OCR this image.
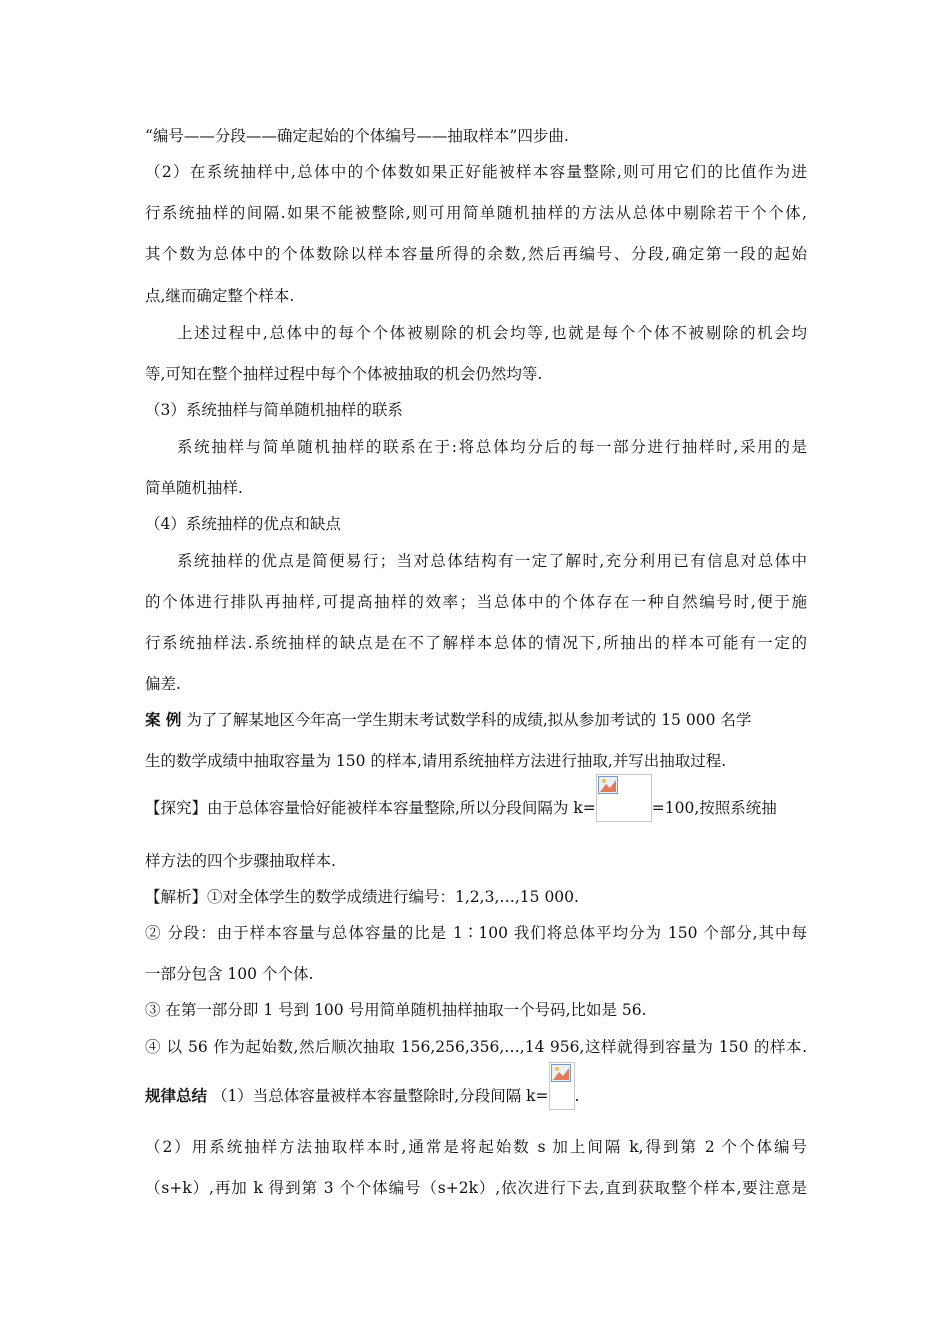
“编号——分段——确定起始的个体编号——抽取样本”四步曲.
（2）在系统抽样中,总体中的个体数如果正好能被样本容量整除,则可用它们的比值作为进
行系统抽样的间隔.如果不能被整除,则可用简单随机抽样的方法从总体中剔除若干个个体,
其个数为总体中的个体数除以样本容量所得的余数,然后再编号、分段,确定第一段的起始
点,继而确定整个样本.
上述过程中,总体中的每个个体被剔除的机会均等,也就是每个个体不被剔除的机会均
等,可知在整个抽样过程中每个个体被抽取的机会仍然均等.
（3）系统抽样与简单随机抽样的联系
系统抽样与简单随机抽样的联系在于:将总体均分后的每一部分进行抽样时,采用的是
简单随机抽样.
（4）系统抽样的优点和缺点
系统抽样的优点是简便易行；当对总体结构有一定了解时,充分利用已有信息对总体中
的个体进行排队再抽样,可提高抽样的效率；当总体中的个体存在一种自然编号时,便于施
行系统抽样法.系统抽样的缺点是在不了解样本总体的情况下,所抽出的样本可能有一定的
偏差.
案 例 为了了解某地区今年高一学生期末考试数学科的成绩,拟从参加考试的 15 000 名学
生的数学成绩中抽取容量为 150 的样本,请用系统抽样方法进行抽取,并写出抽取过程.
【探究】由于总体容量恰好能被样本容量整除,所以分段间隔为 k=	=100,按照系统抽
样方法的四个步骤抽取样本.
【解析】①对全体学生的数学成绩进行编号：1,2,3,…,15 000.
② 分段：由于样本容量与总体容量的比是 1∶100 我们将总体平均分为 150 个部分,其中每
一部分包含 100 个个体.
③ 在第一部分即 1 号到 100 号用简单随机抽样抽取一个号码,比如是 56.
④ 以 56 作为起始数,然后顺次抽取 156,256,356,…,14 956,这样就得到容量为 150 的样本.
规律总结 （1）当总体容量被样本容量整除时,分段间隔 k= .
（2）用系统抽样方法抽取样本时,通常是将起始数 s 加上间隔 k,得到第 2 个个体编号
（s+k）,再加 k 得到第 3 个个体编号（s+2k）,依次进行下去,直到获取整个样本,要注意是
